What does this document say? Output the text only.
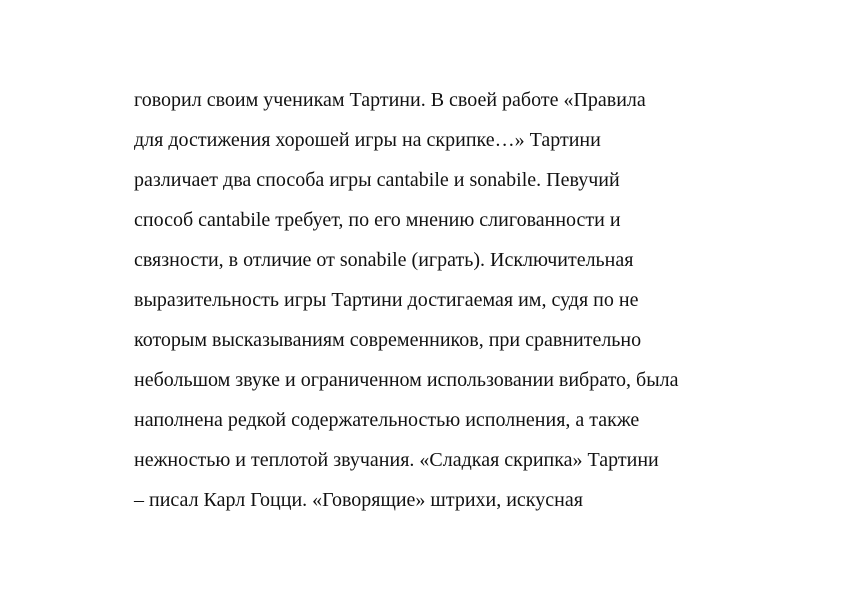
говорил своим ученикам Тартини. В своей работе «Правила
для достижения хорошей игры на скрипке…» Тартини
различает два способа игры cantabile и sonabile. Певучий
способ cantabile требует, по его мнению слигованности и
связности, в отличие от sonabile (играть). Исключительная
выразительность игры Тартини достигаемая им, судя по не
которым высказываниям современников, при сравнительно
небольшом звуке и ограниченном использовании вибрато, была
наполнена редкой содержательностью исполнения, а также
нежностью и теплотой звучания. «Сладкая скрипка» Тартини
– писал Карл Гоцци. «Говорящие» штрихи, искусная
